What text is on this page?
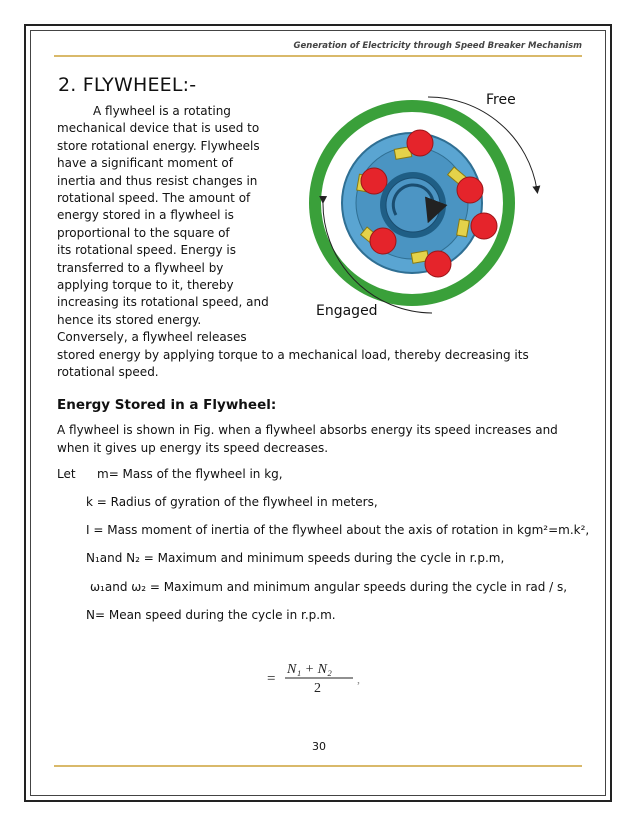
Generation of Electricity through Speed Breaker Mechanism
2. FLYWHEEL:-
A flywheel is a rotating
mechanical device that is used to
store rotational energy. Flywheels
have a significant moment of
inertia and thus resist changes in
rotational speed. The amount of
energy stored in a flywheel is
proportional to the square of
its rotational speed. Energy is
transferred to a flywheel by
applying torque to it, thereby
increasing its rotational speed, and
hence its stored energy.
Conversely, a flywheel releases
Free
Engaged
stored energy by applying torque to a mechanical load, thereby decreasing its rotational speed.
Energy Stored in a Flywheel:
A flywheel is shown in Fig. when a flywheel absorbs energy its speed increases and when it gives up energy its speed decreases.
Let m= Mass of the flywheel in kg,
k = Radius of gyration of the flywheel in meters,
I = Mass moment of inertia of the flywheel about the axis of rotation in kgm²=m.k²,
N₁and N₂ = Maximum and minimum speeds during the cycle in r.p.m,
ω₁and ω₂ = Maximum and minimum angular speeds during the cycle in rad / s,
N= Mean speed during the cycle in r.p.m.
=
N₁ + N₂
2
,
30
